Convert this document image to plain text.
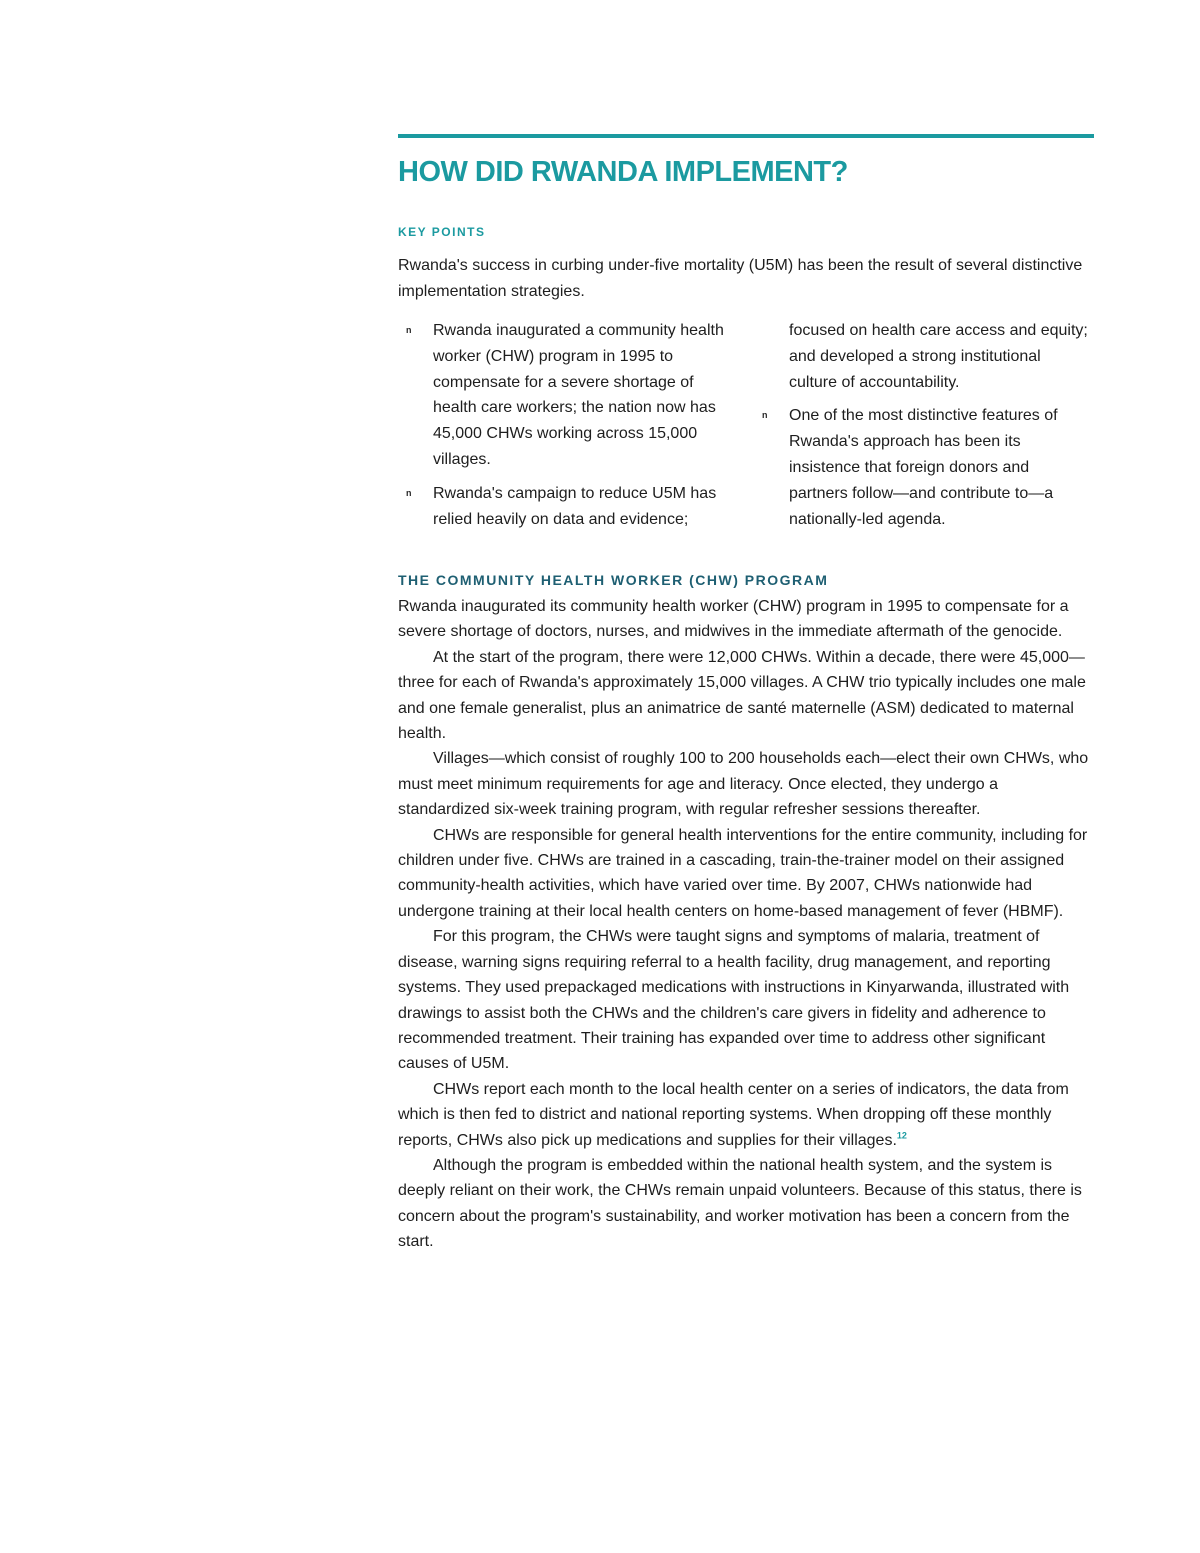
HOW DID RWANDA IMPLEMENT?
KEY POINTS

Rwanda's success in curbing under-five mortality (U5M) has been the result of several distinctive implementation strategies.

n Rwanda inaugurated a community health worker (CHW) program in 1995 to compensate for a severe shortage of health care workers; the nation now has 45,000 CHWs working across 15,000 villages.
n Rwanda's campaign to reduce U5M has relied heavily on data and evidence;
focused on health care access and equity; and developed a strong institutional culture of accountability.
n One of the most distinctive features of Rwanda's approach has been its insistence that foreign donors and partners follow—and contribute to—a nationally-led agenda.
THE COMMUNITY HEALTH WORKER (CHW) PROGRAM

Rwanda inaugurated its community health worker (CHW) program in 1995 to compensate for a severe shortage of doctors, nurses, and midwives in the immediate aftermath of the genocide.

At the start of the program, there were 12,000 CHWs. Within a decade, there were 45,000—three for each of Rwanda's approximately 15,000 villages. A CHW trio typically includes one male and one female generalist, plus an animatrice de santé maternelle (ASM) dedicated to maternal health.

Villages—which consist of roughly 100 to 200 households each—elect their own CHWs, who must meet minimum requirements for age and literacy. Once elected, they undergo a standardized six-week training program, with regular refresher sessions thereafter.

CHWs are responsible for general health interventions for the entire community, including for children under five. CHWs are trained in a cascading, train-the-trainer model on their assigned community-health activities, which have varied over time. By 2007, CHWs nationwide had undergone training at their local health centers on home-based management of fever (HBMF).

For this program, the CHWs were taught signs and symptoms of malaria, treatment of disease, warning signs requiring referral to a health facility, drug management, and reporting systems. They used prepackaged medications with instructions in Kinyarwanda, illustrated with drawings to assist both the CHWs and the children's care givers in fidelity and adherence to recommended treatment. Their training has expanded over time to address other significant causes of U5M.

CHWs report each month to the local health center on a series of indicators, the data from which is then fed to district and national reporting systems. When dropping off these monthly reports, CHWs also pick up medications and supplies for their villages.$^{12}$

Although the program is embedded within the national health system, and the system is deeply reliant on their work, the CHWs remain unpaid volunteers. Because of this status, there is concern about the program's sustainability, and worker motivation has been a concern from the start.
